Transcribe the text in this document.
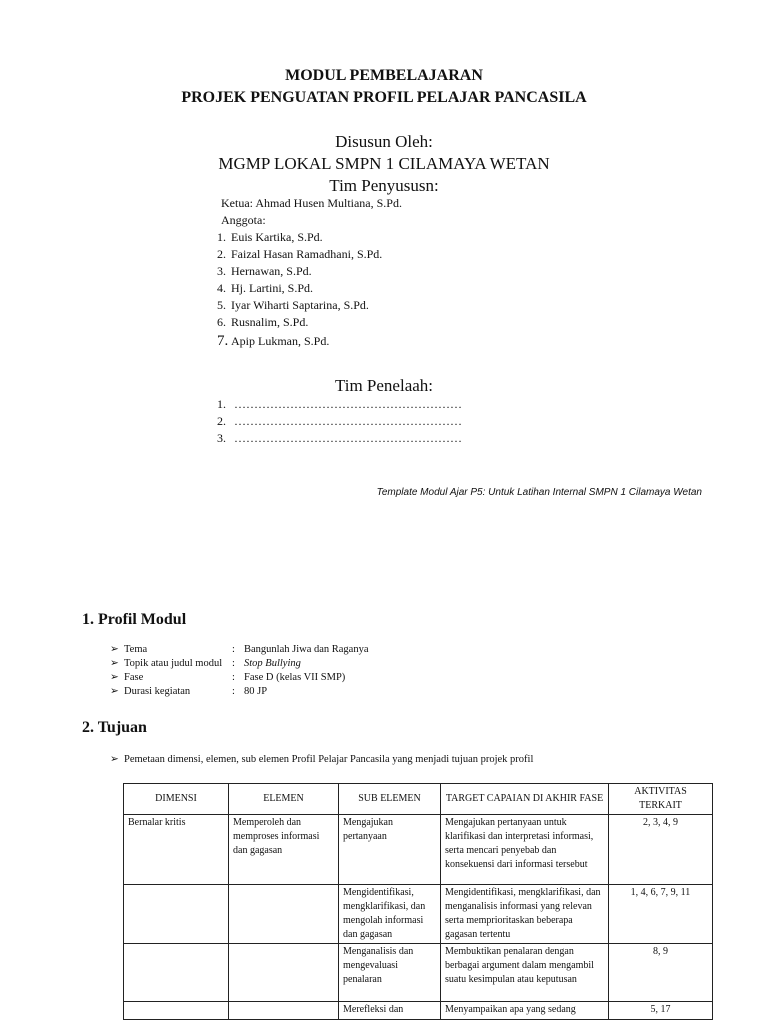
MODUL PEMBELAJARAN
PROJEK PENGUATAN PROFIL PELAJAR PANCASILA
Disusun Oleh:
MGMP LOKAL SMPN 1 CILAMAYA WETAN
Tim Penyususn:
Ketua: Ahmad Husen Multiana, S.Pd.
Anggota:
1. Euis Kartika, S.Pd.
2. Faizal Hasan Ramadhani, S.Pd.
3. Hernawan, S.Pd.
4. Hj. Lartini, S.Pd.
5. Iyar Wiharti Saptarina, S.Pd.
6. Rusnalim, S.Pd.
7. Apip Lukman, S.Pd.
Tim Penelaah:
1. …………………………………………………
2. …………………………………………………
3. …………………………………………………
Template Modul Ajar P5: Untuk Latihan Internal SMPN 1 Cilamaya Wetan
1. Profil Modul
➢ Tema	: Bangunlah Jiwa dan Raganya
➢ Topik atau judul modul : Stop Bullying
➢ Fase	: Fase D (kelas VII SMP)
➢ Durasi kegiatan	: 80 JP
2. Tujuan
➢ Pemetaan dimensi, elemen, sub elemen Profil Pelajar Pancasila yang menjadi tujuan projek profil
DIMENSI	ELEMEN	SUB ELEMEN	TARGET CAPAIAN DI AKHIR FASE	AKTIVITAS TERKAIT
Bernalar kritis	Memperoleh dan memproses informasi dan gagasan	Mengajukan pertanyaan	Mengajukan pertanyaan untuk klarifikasi dan interpretasi informasi, serta mencari penyebab dan konsekuensi dari informasi tersebut	2, 3, 4, 9
		Mengidentifikasi, mengklarifikasi, dan mengolah informasi dan gagasan	Mengidentifikasi, mengklarifikasi, dan menganalisis informasi yang relevan serta memprioritaskan beberapa gagasan tertentu	1, 4, 6, 7, 9, 11
		Menganalisis dan mengevaluasi penalaran	Membuktikan penalaran dengan berbagai argument dalam mengambil suatu kesimpulan atau keputusan	8, 9
		Merefleksi dan	Menyampaikan apa yang sedang	5, 17
